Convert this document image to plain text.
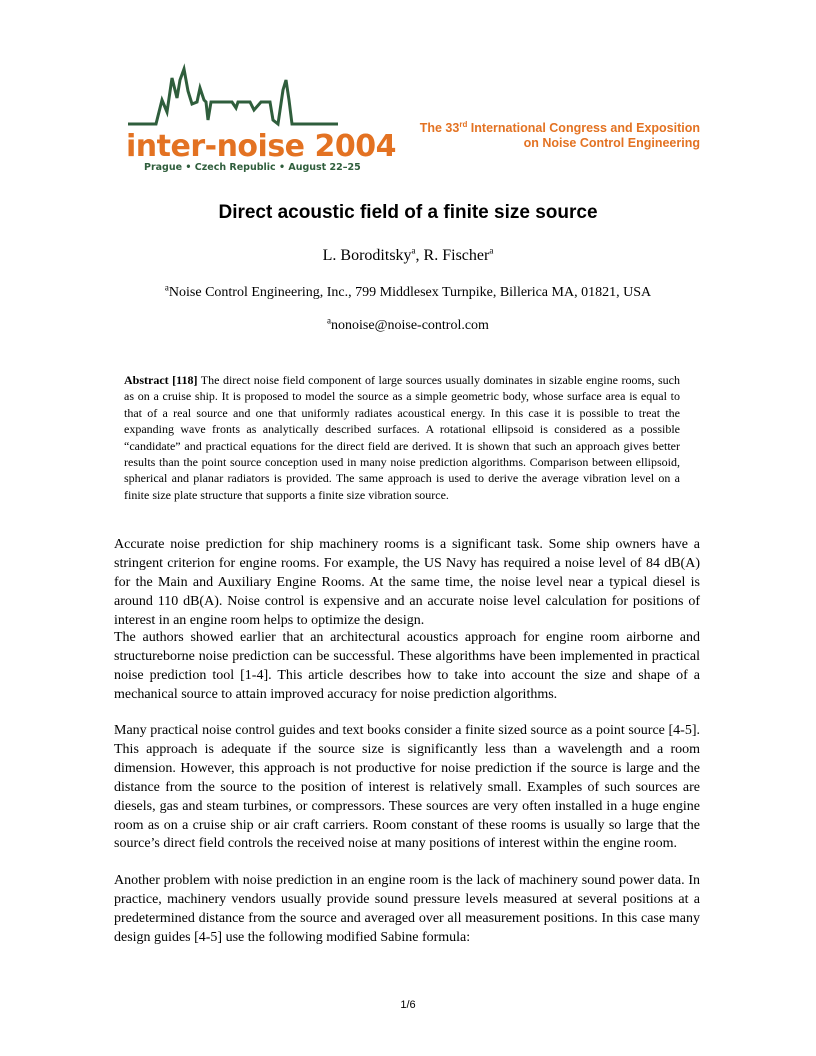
inter-noise 2004
Prague • Czech Republic • August 22–25
The 33rd International Congress and Exposition
on Noise Control Engineering
Direct acoustic field of a finite size source
L. Boroditsky$^a$, R. Fischer$^a$
$^a$Noise Control Engineering, Inc., 799 Middlesex Turnpike, Billerica MA, 01821, USA
$^a$nonoise@noise-control.com
Abstract [118] The direct noise field component of large sources usually dominates in sizable engine rooms, such as on a cruise ship. It is proposed to model the source as a simple geometric body, whose surface area is equal to that of a real source and one that uniformly radiates acoustical energy. In this case it is possible to treat the expanding wave fronts as analytically described surfaces. A rotational ellipsoid is considered as a possible “candidate” and practical equations for the direct field are derived. It is shown that such an approach gives better results than the point source conception used in many noise prediction algorithms. Comparison between ellipsoid, spherical and planar radiators is provided. The same approach is used to derive the average vibration level on a finite size plate structure that supports a finite size vibration source.

Accurate noise prediction for ship machinery rooms is a significant task. Some ship owners have a stringent criterion for engine rooms. For example, the US Navy has required a noise level of 84 dB(A) for the Main and Auxiliary Engine Rooms. At the same time, the noise level near a typical diesel is around 110 dB(A). Noise control is expensive and an accurate noise level calculation for positions of interest in an engine room helps to optimize the design.

The authors showed earlier that an architectural acoustics approach for engine room airborne and structureborne noise prediction can be successful. These algorithms have been implemented in practical noise prediction tool [1-4]. This article describes how to take into account the size and shape of a mechanical source to attain improved accuracy for noise prediction algorithms.

Many practical noise control guides and text books consider a finite sized source as a point source [4-5]. This approach is adequate if the source size is significantly less than a wavelength and a room dimension. However, this approach is not productive for noise prediction if the source is large and the distance from the source to the position of interest is relatively small. Examples of such sources are diesels, gas and steam turbines, or compressors. These sources are very often installed in a huge engine room as on a cruise ship or air craft carriers. Room constant of these rooms is usually so large that the source’s direct field controls the received noise at many positions of interest within the engine room.

Another problem with noise prediction in an engine room is the lack of machinery sound power data. In practice, machinery vendors usually provide sound pressure levels measured at several positions at a predetermined distance from the source and averaged over all measurement positions. In this case many design guides [4-5] use the following modified Sabine formula:

1/6
